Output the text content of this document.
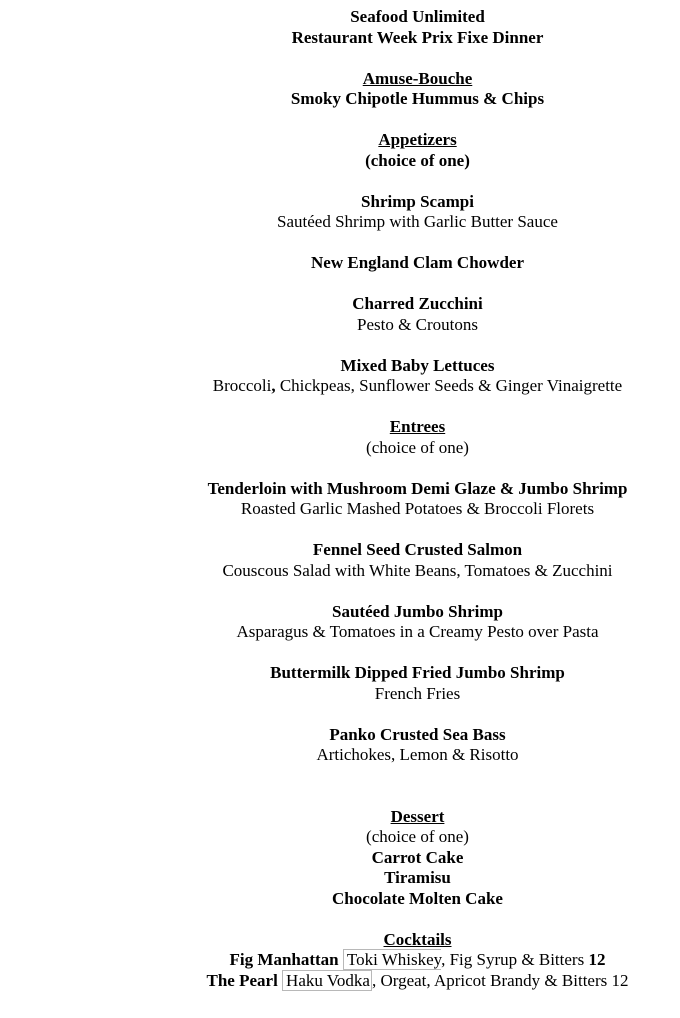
Seafood Unlimited
Restaurant Week Prix Fixe Dinner
Amuse-Bouche
Smoky Chipotle Hummus & Chips
Appetizers
(choice of one)
Shrimp Scampi
Sautéed Shrimp with Garlic Butter Sauce
New England Clam Chowder
Charred Zucchini
Pesto & Croutons
Mixed Baby Lettuces
Broccoli, Chickpeas, Sunflower Seeds & Ginger Vinaigrette
Entrees
(choice of one)
Tenderloin with Mushroom Demi Glaze & Jumbo Shrimp
Roasted Garlic Mashed Potatoes & Broccoli Florets
Fennel Seed Crusted Salmon
Couscous Salad with White Beans, Tomatoes & Zucchini
Sautéed Jumbo Shrimp
Asparagus & Tomatoes in a Creamy Pesto over Pasta
Buttermilk Dipped Fried Jumbo Shrimp
French Fries
Panko Crusted Sea Bass
Artichokes, Lemon & Risotto
Dessert
(choice of one)
Carrot Cake
Tiramisu
Chocolate Molten Cake
Cocktails
Fig Manhattan Toki Whiskey, Fig Syrup & Bitters 12
The Pearl Haku Vodka , Orgeat, Apricot Brandy & Bitters 12
